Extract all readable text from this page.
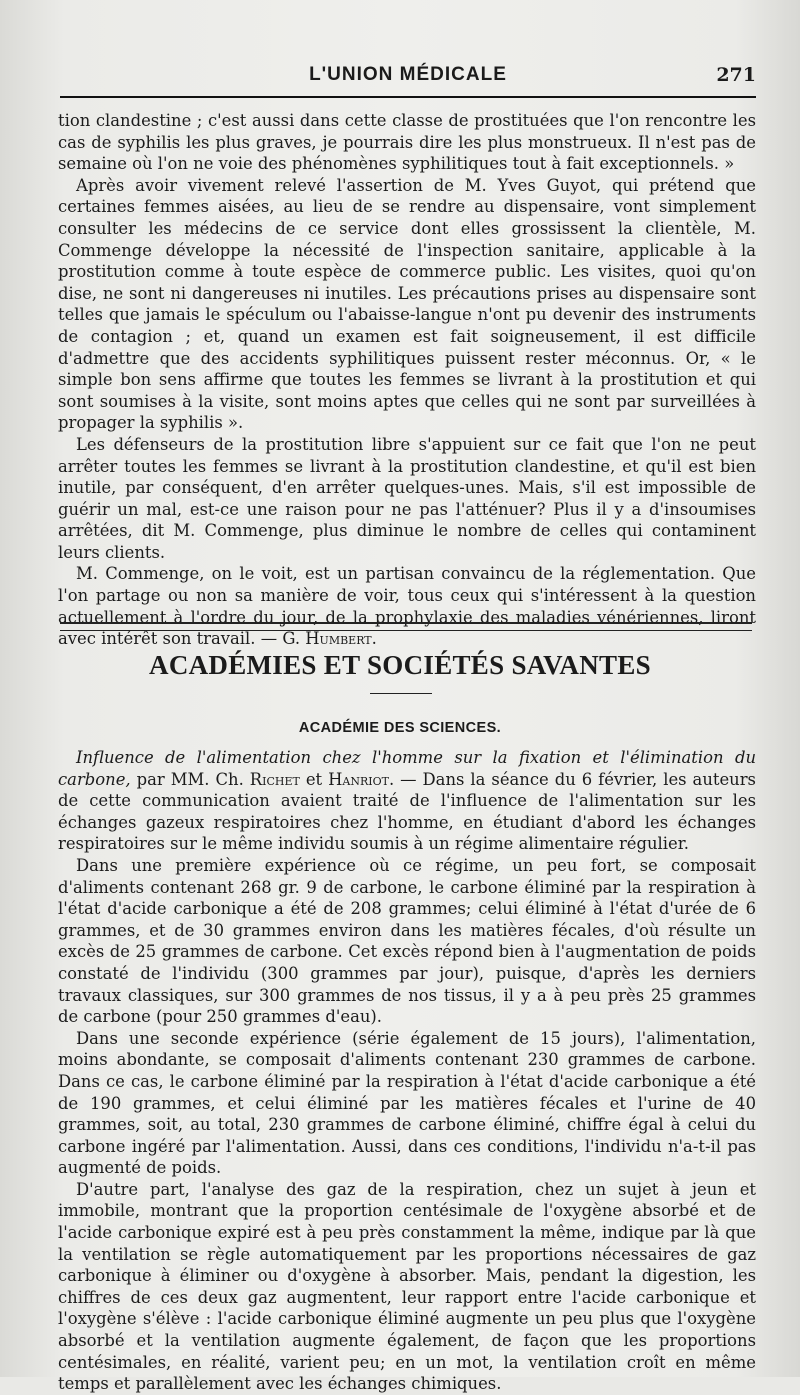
L'UNION MÉDICALE	271

tion clandestine ; c'est aussi dans cette classe de prostituées que l'on rencontre les cas de syphilis les plus graves, je pourrais dire les plus monstrueux. Il n'est pas de semaine où l'on ne voie des phénomènes syphilitiques tout à fait exceptionnels. »

Après avoir vivement relevé l'assertion de M. Yves Guyot, qui prétend que certaines femmes aisées, au lieu de se rendre au dispensaire, vont simplement consulter les médecins de ce service dont elles grossissent la clientèle, M. Commenge développe la nécessité de l'inspection sanitaire, applicable à la prostitution comme à toute espèce de commerce public. Les visites, quoi qu'on dise, ne sont ni dangereuses ni inutiles. Les précautions prises au dispensaire sont telles que jamais le spéculum ou l'abaisse-langue n'ont pu devenir des instruments de contagion ; et, quand un examen est fait soigneusement, il est difficile d'admettre que des accidents syphilitiques puissent rester méconnus. Or, « le simple bon sens affirme que toutes les femmes se livrant à la prostitution et qui sont soumises à la visite, sont moins aptes que celles qui ne sont par surveillées à propager la syphilis ».

Les défenseurs de la prostitution libre s'appuient sur ce fait que l'on ne peut arrêter toutes les femmes se livrant à la prostitution clandestine, et qu'il est bien inutile, par conséquent, d'en arrêter quelques-unes. Mais, s'il est impossible de guérir un mal, est-ce une raison pour ne pas l'atténuer? Plus il y a d'insoumises arrêtées, dit M. Commenge, plus diminue le nombre de celles qui contaminent leurs clients.

M. Commenge, on le voit, est un partisan convaincu de la réglementation. Que l'on partage ou non sa manière de voir, tous ceux qui s'intéressent à la question actuellement à l'ordre du jour, de la prophylaxie des maladies vénériennes, liront avec intérêt son travail. — G. Humbert.

ACADÉMIES ET SOCIÉTÉS SAVANTES
ACADÉMIE DES SCIENCES.

Influence de l'alimentation chez l'homme sur la fixation et l'élimination du carbone, par MM. Ch. Richet et Hanriot. — Dans la séance du 6 février, les auteurs de cette communication avaient traité de l'influence de l'alimentation sur les échanges gazeux respiratoires chez l'homme, en étudiant d'abord les échanges respiratoires sur le même individu soumis à un régime alimentaire régulier.

Dans une première expérience où ce régime, un peu fort, se composait d'aliments contenant 268 gr. 9 de carbone, le carbone éliminé par la respiration à l'état d'acide carbonique a été de 208 grammes; celui éliminé à l'état d'urée de 6 grammes, et de 30 grammes environ dans les matières fécales, d'où résulte un excès de 25 grammes de carbone. Cet excès répond bien à l'augmentation de poids constaté de l'individu (300 grammes par jour), puisque, d'après les derniers travaux classiques, sur 300 grammes de nos tissus, il y a à peu près 25 grammes de carbone (pour 250 grammes d'eau).

Dans une seconde expérience (série également de 15 jours), l'alimentation, moins abondante, se composait d'aliments contenant 230 grammes de carbone. Dans ce cas, le carbone éliminé par la respiration à l'état d'acide carbonique a été de 190 grammes, et celui éliminé par les matières fécales et l'urine de 40 grammes, soit, au total, 230 grammes de carbone éliminé, chiffre égal à celui du carbone ingéré par l'alimentation. Aussi, dans ces conditions, l'individu n'a-t-il pas augmenté de poids.

D'autre part, l'analyse des gaz de la respiration, chez un sujet à jeun et immobile, montrant que la proportion centésimale de l'oxygène absorbé et de l'acide carbonique expiré est à peu près constamment la même, indique par là que la ventilation se règle automatiquement par les proportions nécessaires de gaz carbonique à éliminer ou d'oxygène à absorber. Mais, pendant la digestion, les chiffres de ces deux gaz augmentent, leur rapport entre l'acide carbonique et l'oxygène s'élève : l'acide carbonique éliminé augmente un peu plus que l'oxygène absorbé et la ventilation augmente également, de façon que les proportions centésimales, en réalité, varient peu; en un mot, la ventilation croît en même temps et parallèlement avec les échanges chimiques.
